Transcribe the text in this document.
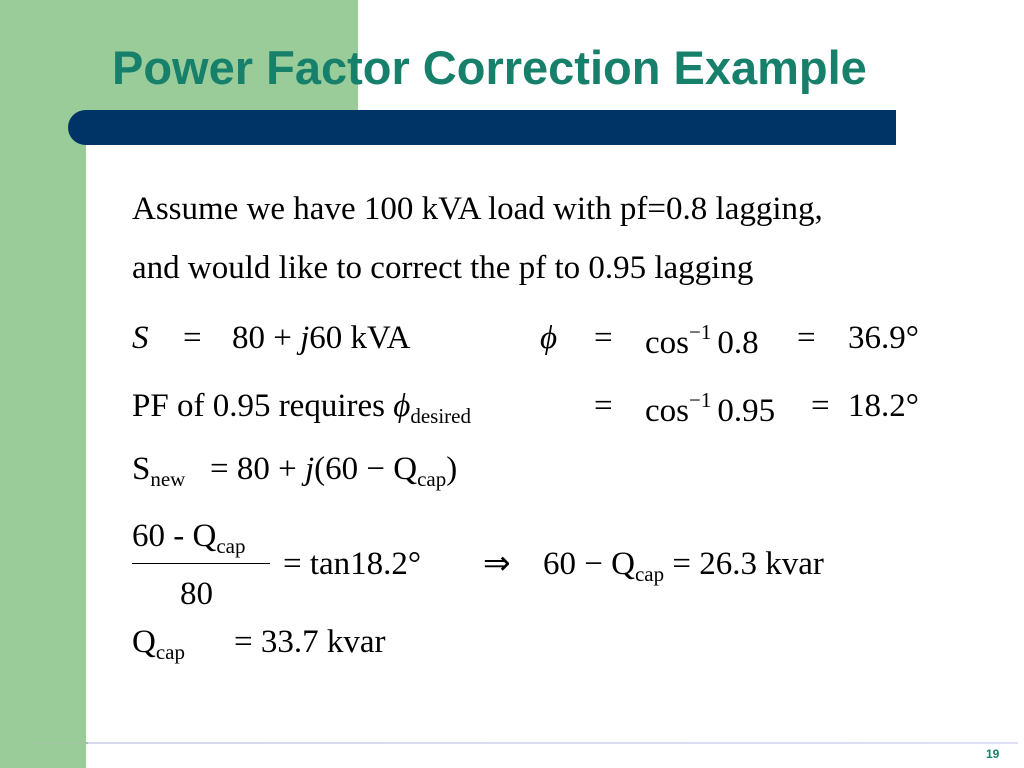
Power Factor Correction Example
Assume we have 100 kVA load with pf=0.8 lagging,
and would like to correct the pf to 0.95 lagging
S = 80 + j60 kVA	$\phi = \cos^{-1} 0.8 = 36.9^\circ$
PF of 0.95 requires $\phi_{desired}$	= $\cos^{-1} 0.95 = 18.2^\circ$
$S_{new} = 80 + j(60 - Q_{cap})$
$60 - Q_{cap}$
80
= tan18.2° ⇒ $60 - Q_{cap} = 26.3$ kvar
$Q_{cap} = 33.7$ kvar
19
